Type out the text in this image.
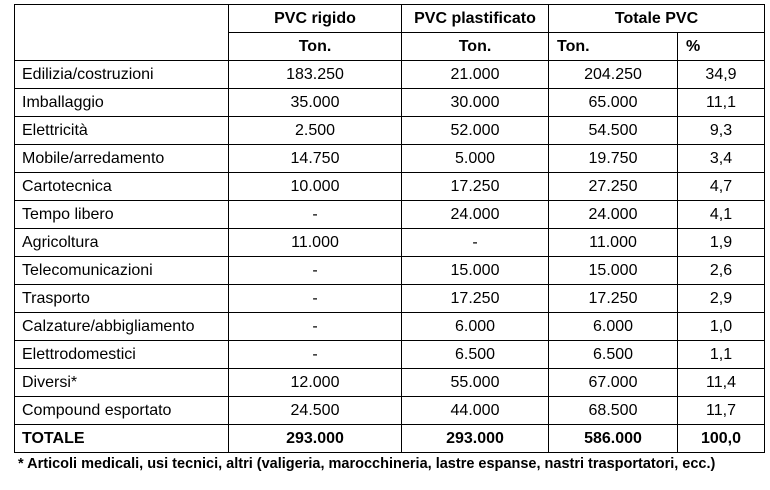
	PVC rigido	PVC plastificato	Totale PVC	
	Ton.	Ton.	Ton.	%
Edilizia/costruzioni	183.250	21.000	204.250	34,9
Imballaggio	35.000	30.000	65.000	11,1
Elettricità	2.500	52.000	54.500	9,3
Mobile/arredamento	14.750	5.000	19.750	3,4
Cartotecnica	10.000	17.250	27.250	4,7
Tempo libero	-	24.000	24.000	4,1
Agricoltura	11.000	-	11.000	1,9
Telecomunicazioni	-	15.000	15.000	2,6
Trasporto	-	17.250	17.250	2,9
Calzature/abbigliamento	-	6.000	6.000	1,0
Elettrodomestici	-	6.500	6.500	1,1
Diversi*	12.000	55.000	67.000	11,4
Compound esportato	24.500	44.000	68.500	11,7
TOTALE	293.000	293.000	586.000	100,0
* Articoli medicali, usi tecnici, altri (valigeria, marocchineria, lastre espanse, nastri trasportatori, ecc.)
